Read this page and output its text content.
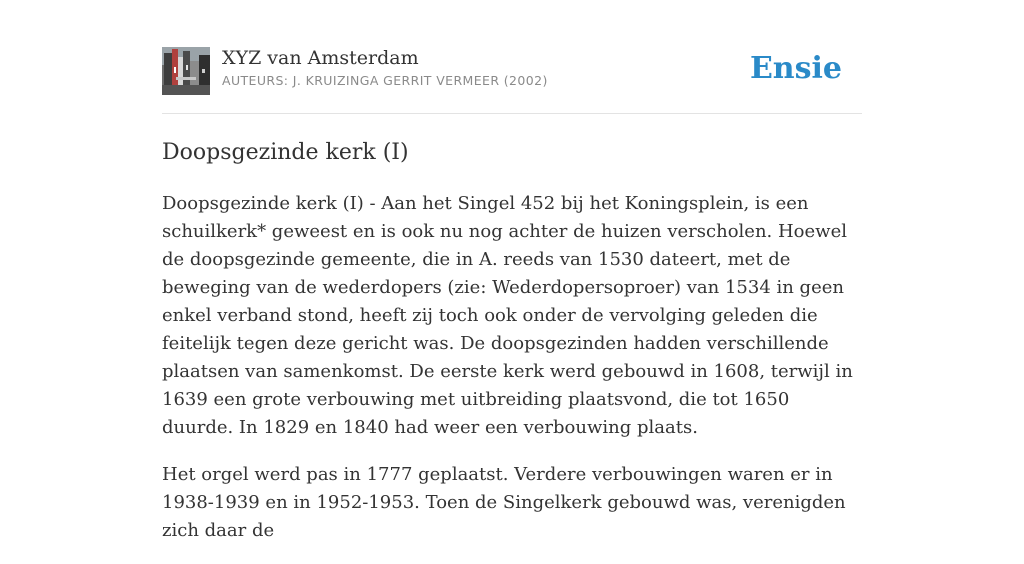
XYZ van Amsterdam
AUTEURS: J. KRUIZINGA GERRIT VERMEER (2002)	Ensie
Doopsgezinde kerk (I)

Doopsgezinde kerk (I) - Aan het Singel 452 bij het Koningsplein, is een schuilkerk* geweest en is ook nu nog achter de huizen verscholen. Hoewel de doopsgezinde gemeente, die in A. reeds van 1530 dateert, met de beweging van de wederdopers (zie: Wederdopersoproer) van 1534 in geen enkel verband stond, heeft zij toch ook onder de vervolging geleden die feitelijk tegen deze gericht was. De doopsgezinden hadden verschillende plaatsen van samenkomst. De eerste kerk werd gebouwd in 1608, terwijl in 1639 een grote verbouwing met uitbreiding plaatsvond, die tot 1650 duurde. In 1829 en 1840 had weer een verbouwing plaats.

Het orgel werd pas in 1777 geplaatst. Verdere verbouwingen waren er in 1938-1939 en in 1952-1953. Toen de Singelkerk gebouwd was, verenigden zich daar de
